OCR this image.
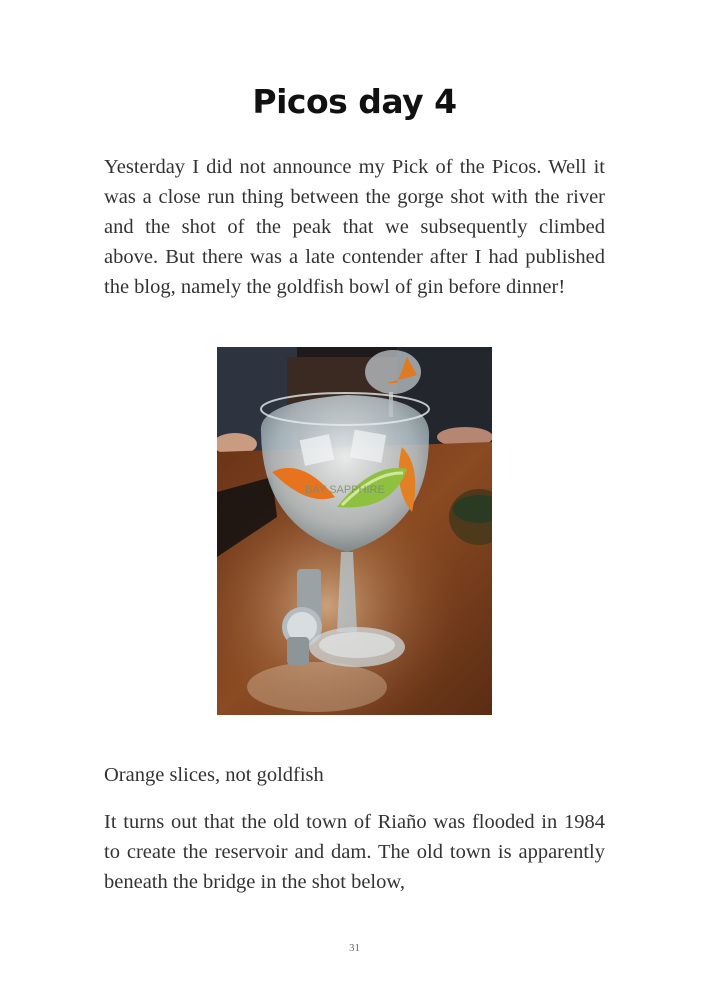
Picos day 4

Yesterday I did not announce my Pick of the Picos. Well it was a close run thing between the gorge shot with the river and the shot of the peak that we subsequently climbed above. But there was a late contender after I had published the blog, namely the goldfish bowl of gin before dinner!

BAY SAPPHIRE

Orange slices, not goldfish

It turns out that the old town of Riaño was flooded in 1984 to create the reservoir and dam. The old town is apparently beneath the bridge in the shot below,

31
